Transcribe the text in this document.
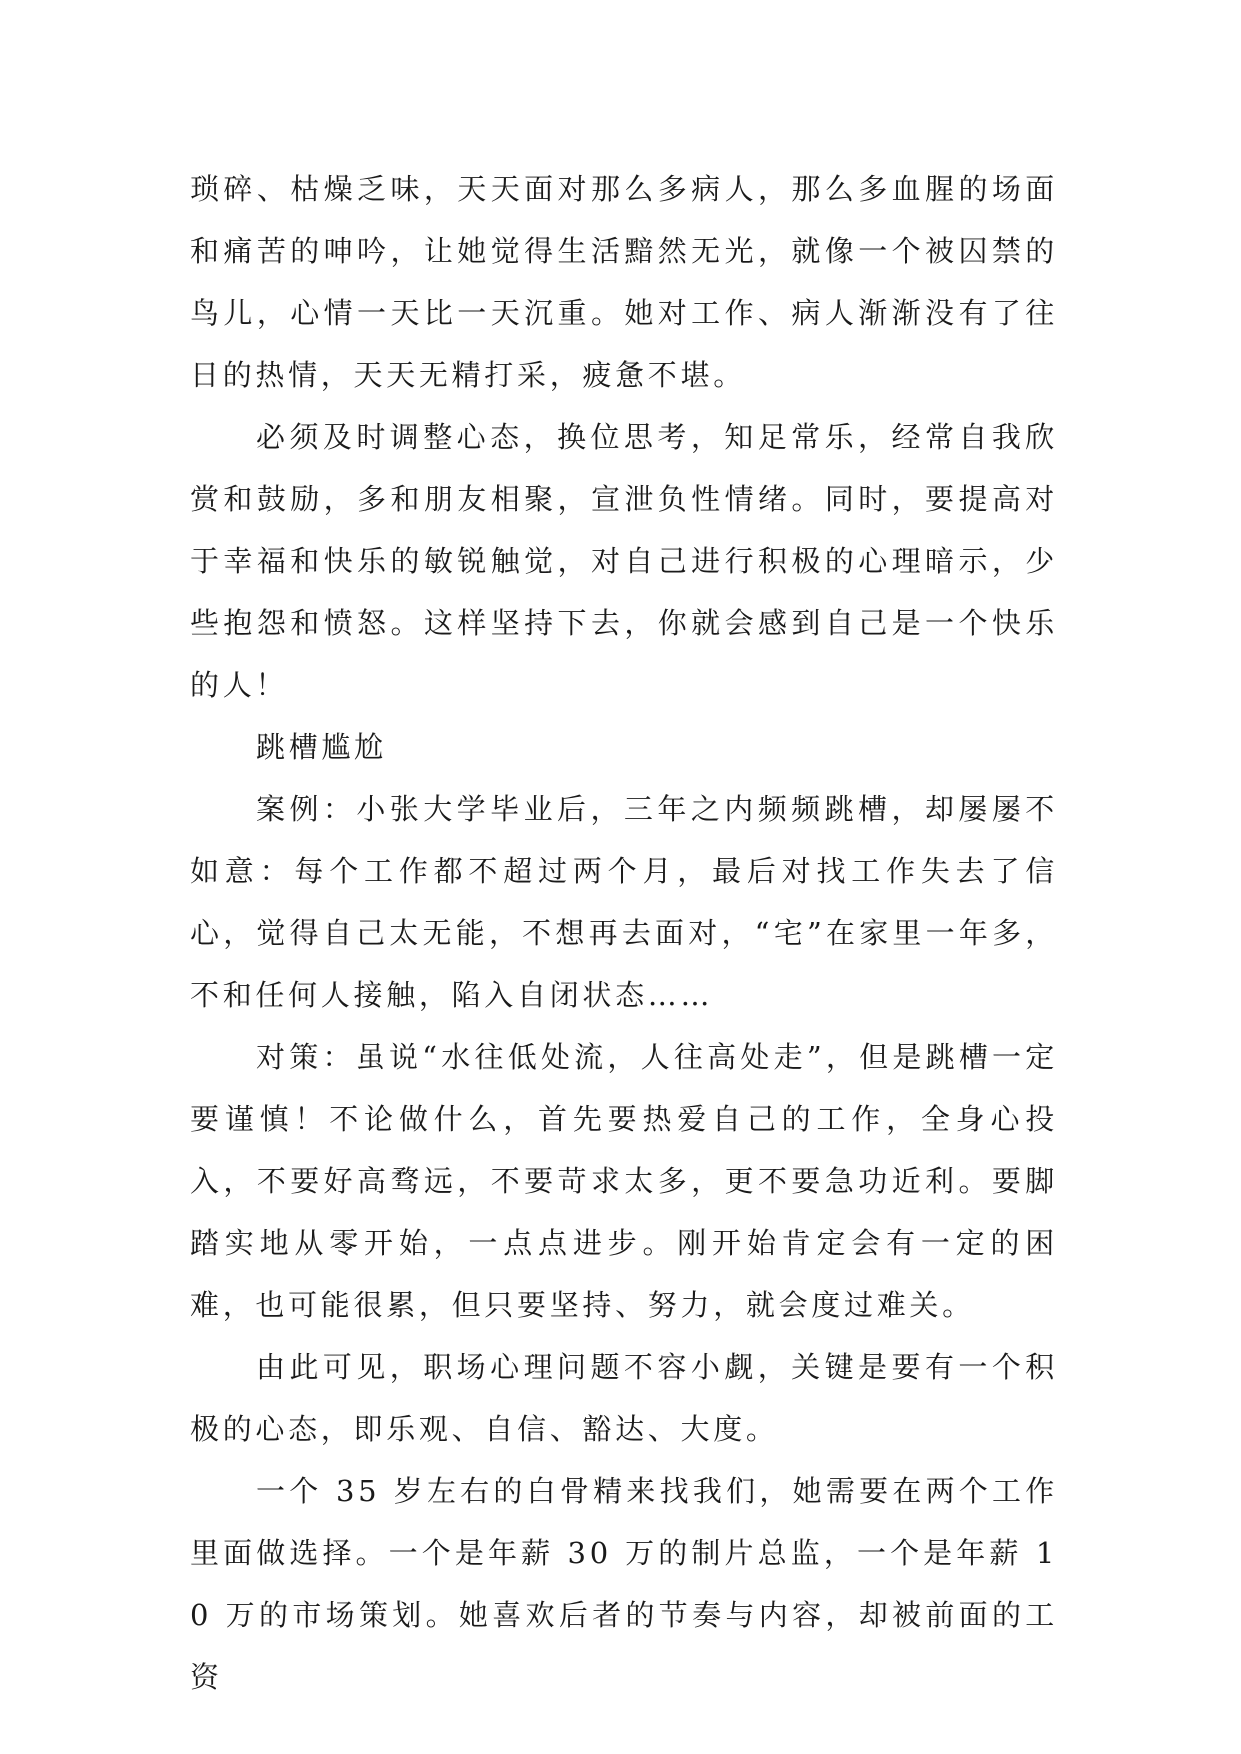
琐碎、枯燥乏味，天天面对那么多病人，那么多血腥的场面和痛苦的呻吟，让她觉得生活黯然无光，就像一个被囚禁的鸟儿，心情一天比一天沉重。她对工作、病人渐渐没有了往日的热情，天天无精打采，疲惫不堪。

必须及时调整心态，换位思考，知足常乐，经常自我欣赏和鼓励，多和朋友相聚，宣泄负性情绪。同时，要提高对于幸福和快乐的敏锐触觉，对自己进行积极的心理暗示，少些抱怨和愤怒。这样坚持下去，你就会感到自己是一个快乐的人！

跳槽尴尬

案例：小张大学毕业后，三年之内频频跳槽，却屡屡不如意：每个工作都不超过两个月，最后对找工作失去了信心，觉得自己太无能，不想再去面对，“宅”在家里一年多，不和任何人接触，陷入自闭状态……

对策：虽说“水往低处流，人往高处走”，但是跳槽一定要谨慎！不论做什么，首先要热爱自己的工作，全身心投入，不要好高骛远，不要苛求太多，更不要急功近利。要脚踏实地从零开始，一点点进步。刚开始肯定会有一定的困难，也可能很累，但只要坚持、努力，就会度过难关。

由此可见，职场心理问题不容小觑，关键是要有一个积极的心态，即乐观、自信、豁达、大度。

一个 35 岁左右的白骨精来找我们，她需要在两个工作里面做选择。一个是年薪 30 万的制片总监，一个是年薪 10 万的市场策划。她喜欢后者的节奏与内容，却被前面的工资
